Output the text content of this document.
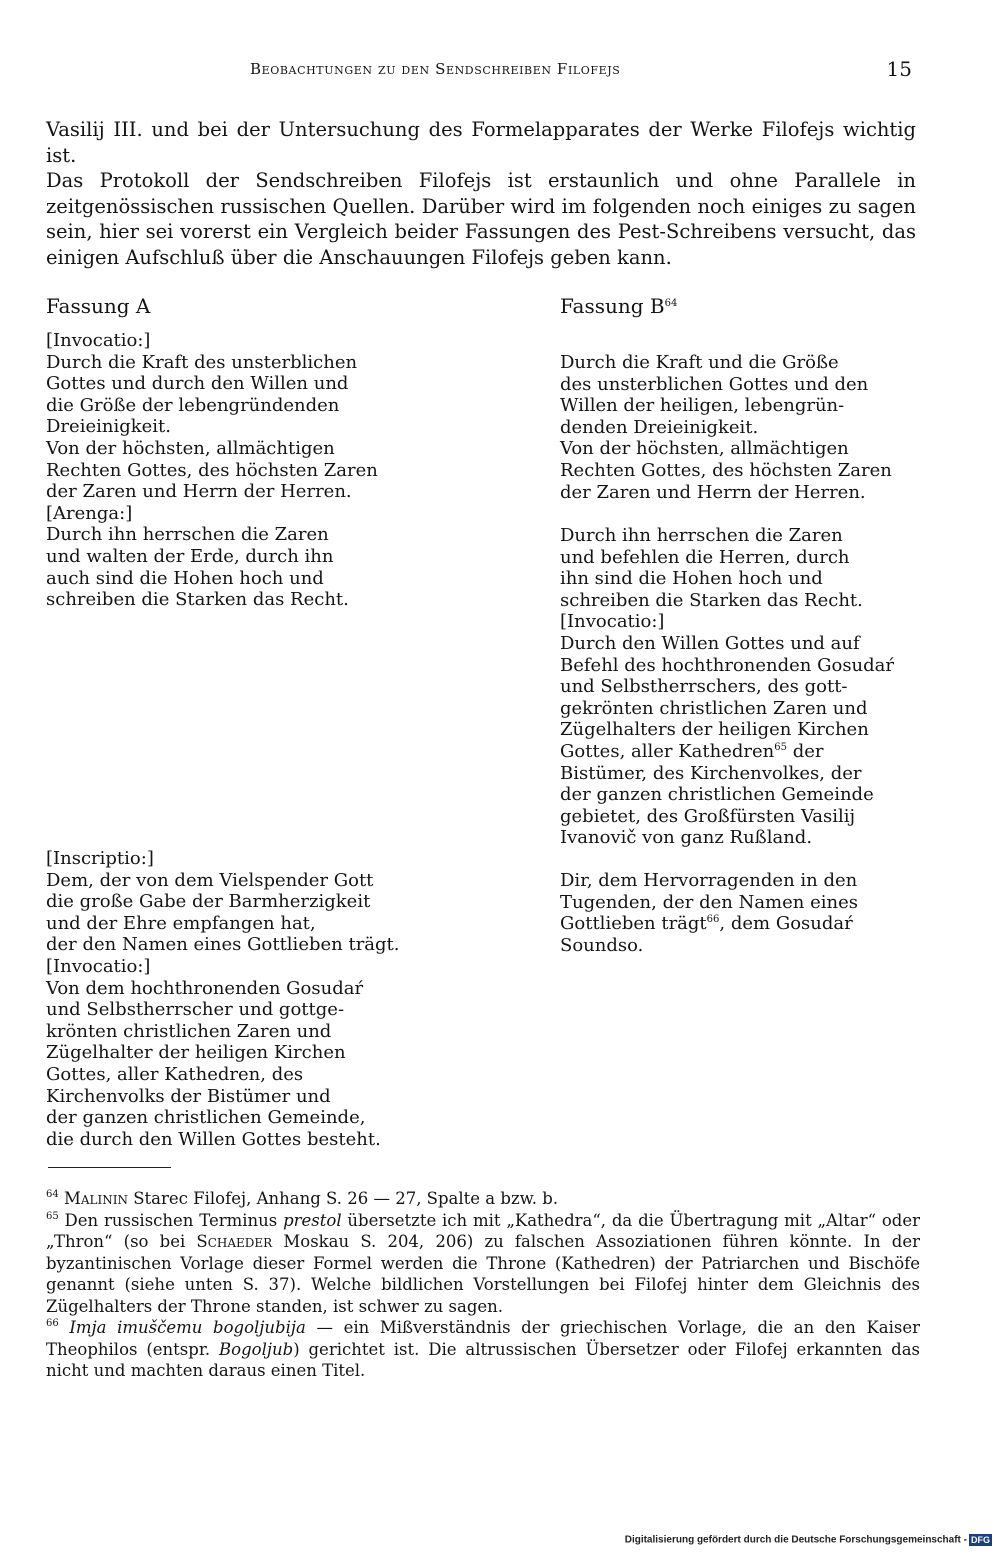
Beobachtungen zu den Sendschreiben Filofejs	15

Vasilij III. und bei der Untersuchung des Formelapparates der Werke Filofejs wichtig ist.

Das Protokoll der Sendschreiben Filofejs ist erstaunlich und ohne Parallele in zeitgenössischen russischen Quellen. Darüber wird im folgenden noch einiges zu sagen sein, hier sei vorerst ein Vergleich beider Fassungen des Pest-Schreibens versucht, das einigen Aufschluß über die Anschauungen Filofejs geben kann.

Fassung A
[Invocatio:]
Durch die Kraft des unsterblichen
Gottes und durch den Willen und
die Größe der lebengründenden
Dreieinigkeit.
Von der höchsten, allmächtigen
Rechten Gottes, des höchsten Zaren
der Zaren und Herrn der Herren.
[Arenga:]
Durch ihn herrschen die Zaren
und walten der Erde, durch ihn
auch sind die Hohen hoch und
schreiben die Starken das Recht.
[Inscriptio:]
Dem, der von dem Vielspender Gott
die große Gabe der Barmherzigkeit
und der Ehre empfangen hat,
der den Namen eines Gottlieben trägt.
[Invocatio:]
Von dem hochthronenden Gosudaŕ
und Selbstherrscher und gottge-
krönten christlichen Zaren und
Zügelhalter der heiligen Kirchen
Gottes, aller Kathedren, des
Kirchenvolks der Bistümer und
der ganzen christlichen Gemeinde,
die durch den Willen Gottes besteht.
Fassung B$^{64}$
Durch die Kraft und die Größe
des unsterblichen Gottes und den
Willen der heiligen, lebengrün-
denden Dreieinigkeit.
Von der höchsten, allmächtigen
Rechten Gottes, des höchsten Zaren
der Zaren und Herrn der Herren.
Durch ihn herrschen die Zaren
und befehlen die Herren, durch
ihn sind die Hohen hoch und
schreiben die Starken das Recht.
[Invocatio:]
Durch den Willen Gottes und auf
Befehl des hochthronenden Gosudaŕ
und Selbstherrschers, des gott-
gekrönten christlichen Zaren und
Zügelhalters der heiligen Kirchen
Gottes, aller Kathedren$^{65}$ der
Bistümer, des Kirchenvolkes, der
der ganzen christlichen Gemeinde
gebietet, des Großfürsten Vasilij
Ivanovič von ganz Rußland.
Dir, dem Hervorragenden in den
Tugenden, der den Namen eines
Gottlieben trägt$^{66}$, dem Gosudaŕ
Soundso.

$^{64}$ Malinin Starec Filofej, Anhang S. 26 — 27, Spalte a bzw. b.

$^{65}$ Den russischen Terminus prestol übersetzte ich mit „Kathedra“, da die Übertragung mit „Altar“ oder „Thron“ (so bei Schaeder Moskau S. 204, 206) zu falschen Assoziationen führen könnte. In der byzantinischen Vorlage dieser Formel werden die Throne (Kathedren) der Patriarchen und Bischöfe genannt (siehe unten S. 37). Welche bildlichen Vorstellungen bei Filofej hinter dem Gleichnis des Zügelhalters der Throne standen, ist schwer zu sagen.

$^{66}$ Imja imuščemu bogoljubija — ein Mißverständnis der griechischen Vorlage, die an den Kaiser Theophilos (entspr. Bogoljub) gerichtet ist. Die altrussischen Übersetzer oder Filofej erkannten das nicht und machten daraus einen Titel.

Digitalisierung gefördert durch die Deutsche Forschungsgemeinschaft - DFG
